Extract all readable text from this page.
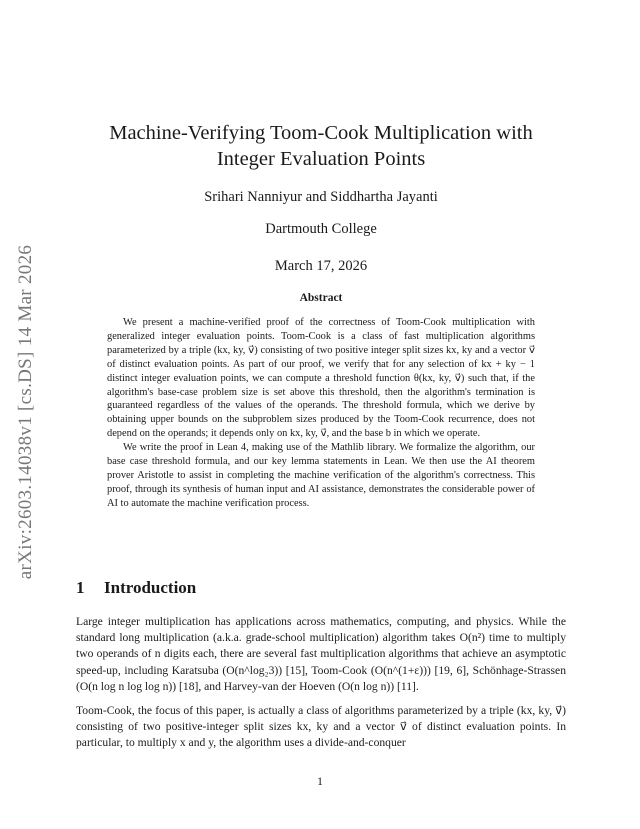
arXiv:2603.14038v1 [cs.DS] 14 Mar 2026
Machine-Verifying Toom-Cook Multiplication with
Integer Evaluation Points
Srihari Nanniyur and Siddhartha Jayanti
Dartmouth College
March 17, 2026
Abstract

We present a machine-verified proof of the correctness of Toom-Cook multiplication with generalized integer evaluation points. Toom-Cook is a class of fast multiplication algorithms parameterized by a triple (kx, ky, v⃗) consisting of two positive integer split sizes kx, ky and a vector v⃗ of distinct evaluation points. As part of our proof, we verify that for any selection of kx + ky − 1 distinct integer evaluation points, we can compute a threshold function θ(kx, ky, v⃗) such that, if the algorithm's base-case problem size is set above this threshold, then the algorithm's termination is guaranteed regardless of the values of the operands. The threshold formula, which we derive by obtaining upper bounds on the subproblem sizes produced by the Toom-Cook recurrence, does not depend on the operands; it depends only on kx, ky, v⃗, and the base b in which we operate.

We write the proof in Lean 4, making use of the Mathlib library. We formalize the algorithm, our base case threshold formula, and our key lemma statements in Lean. We then use the AI theorem prover Aristotle to assist in completing the machine verification of the algorithm's correctness. This proof, through its synthesis of human input and AI assistance, demonstrates the considerable power of AI to automate the machine verification process.

1 Introduction

Large integer multiplication has applications across mathematics, computing, and physics. While the standard long multiplication (a.k.a. grade-school multiplication) algorithm takes O(n²) time to multiply two operands of n digits each, there are several fast multiplication algorithms that achieve an asymptotic speed-up, including Karatsuba (O(n^log₂3)) [15], Toom-Cook (O(n^(1+ε))) [19, 6], Schönhage-Strassen (O(n log n log log n)) [18], and Harvey-van der Hoeven (O(n log n)) [11].

Toom-Cook, the focus of this paper, is actually a class of algorithms parameterized by a triple (kx, ky, v⃗) consisting of two positive-integer split sizes kx, ky and a vector v⃗ of distinct evaluation points. In particular, to multiply x and y, the algorithm uses a divide-and-conquer

1
